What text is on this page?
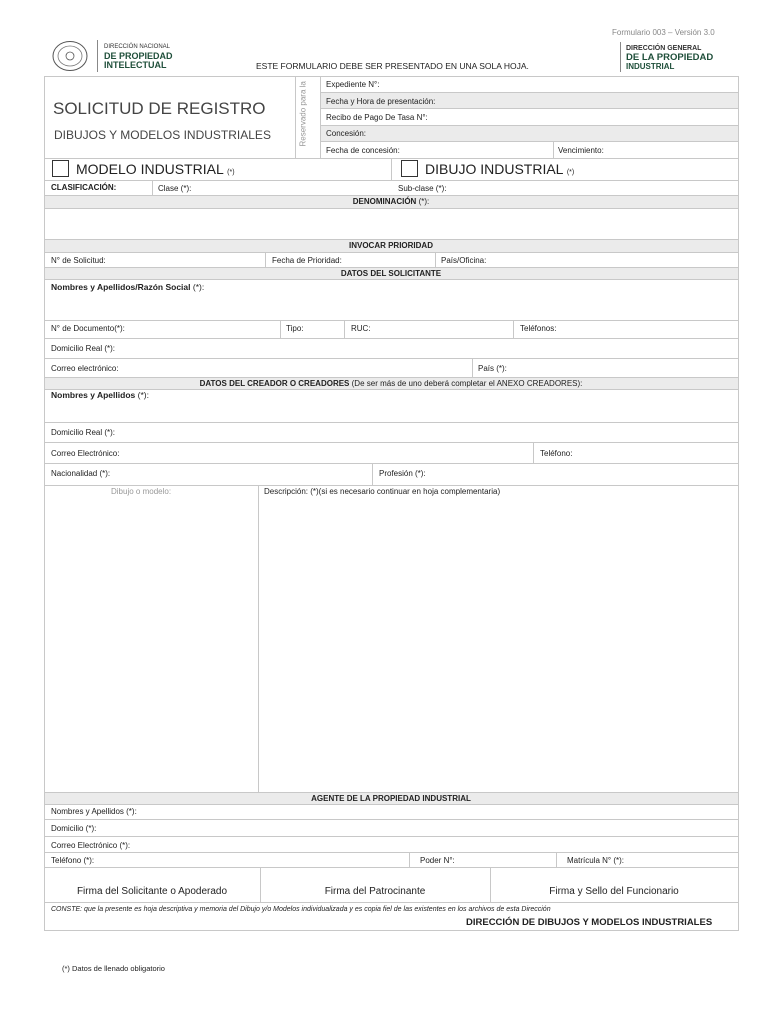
DIRECCIÓN NACIONAL
DE PROPIEDAD
INTELECTUAL
Formulario 003 – Versión 3.0
ESTE FORMULARIO DEBE SER PRESENTADO EN UNA SOLA HOJA.
DIRECCIÓN GENERAL
DE LA PROPIEDAD
INDUSTRIAL
SOLICITUD DE REGISTRO
DIBUJOS Y MODELOS INDUSTRIALES	Reservado para la Expediente N°:
Fecha y Hora de presentación:
Recibo de Pago De Tasa N°:
Concesión:
Fecha de concesión:	Vencimiento:
MODELO INDUSTRIAL (*)	DIBUJO INDUSTRIAL (*)
CLASIFICACIÓN:	Clase (*):	Sub-clase (*):
DENOMINACIÓN (*):
INVOCAR PRIORIDAD
N° de Solicitud:	Fecha de Prioridad:	País/Oficina:
DATOS DEL SOLICITANTE
Nombres y Apellidos/Razón Social (*):
N° de Documento(*):	Tipo:	RUC:	Teléfonos:
Domicilio Real (*):
Correo electrónico:	País (*):
DATOS DEL CREADOR O CREADORES (De ser más de uno deberá completar el ANEXO CREADORES):
Nombres y Apellidos (*):
Domicilio Real (*):
Correo Electrónico:	Teléfono:
Nacionalidad (*):	Profesión (*):
Dibujo o modelo:	Descripción: (*)(si es necesario continuar en hoja complementaria)
AGENTE DE LA PROPIEDAD INDUSTRIAL
Nombres y Apellidos (*):
Domicilio (*):
Correo Electrónico (*):
Teléfono (*):	Poder N°:	Matrícula N° (*):
Firma del Solicitante o Apoderado	Firma del Patrocinante	Firma y Sello del Funcionario
CONSTE: que la presente es hoja descriptiva y memoria del Dibujo y/o Modelos individualizada y es copia fiel de las existentes en los archivos de esta Dirección
DIRECCIÓN DE DIBUJOS Y MODELOS INDUSTRIALES
(*) Datos de llenado obligatorio
